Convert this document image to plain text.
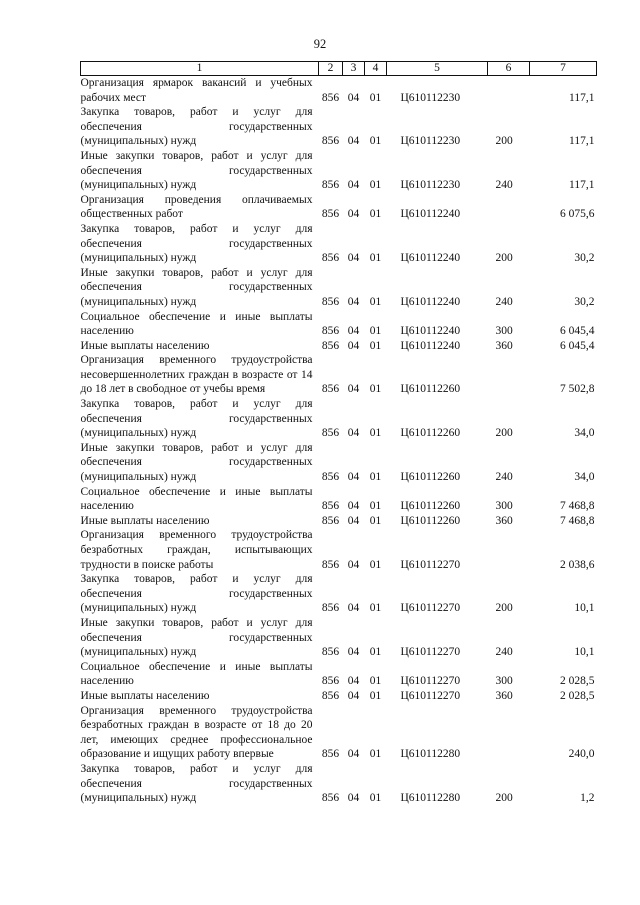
92
1	2	3	4	5	6	7
Организация ярмарок вакансий и учебных рабочих мест	856	04	01	Ц610112230		117,1
Закупка товаров, работ и услуг для обеспечения государственных (муниципальных) нужд	856	04	01	Ц610112230	200	117,1
Иные закупки товаров, работ и услуг для обеспечения государственных (муниципальных) нужд	856	04	01	Ц610112230	240	117,1
Организация проведения оплачиваемых общественных работ	856	04	01	Ц610112240		6 075,6
Закупка товаров, работ и услуг для обеспечения государственных (муниципальных) нужд	856	04	01	Ц610112240	200	30,2
Иные закупки товаров, работ и услуг для обеспечения государственных (муниципальных) нужд	856	04	01	Ц610112240	240	30,2
Социальное обеспечение и иные выплаты населению	856	04	01	Ц610112240	300	6 045,4
Иные выплаты населению	856	04	01	Ц610112240	360	6 045,4
Организация временного трудоустройства несовершеннолетних граждан в возрасте от 14 до 18 лет в свободное от учебы время	856	04	01	Ц610112260		7 502,8
Закупка товаров, работ и услуг для обеспечения государственных (муниципальных) нужд	856	04	01	Ц610112260	200	34,0
Иные закупки товаров, работ и услуг для обеспечения государственных (муниципальных) нужд	856	04	01	Ц610112260	240	34,0
Социальное обеспечение и иные выплаты населению	856	04	01	Ц610112260	300	7 468,8
Иные выплаты населению	856	04	01	Ц610112260	360	7 468,8
Организация временного трудоустройства безработных граждан, испытывающих трудности в поиске работы	856	04	01	Ц610112270		2 038,6
Закупка товаров, работ и услуг для обеспечения государственных (муниципальных) нужд	856	04	01	Ц610112270	200	10,1
Иные закупки товаров, работ и услуг для обеспечения государственных (муниципальных) нужд	856	04	01	Ц610112270	240	10,1
Социальное обеспечение и иные выплаты населению	856	04	01	Ц610112270	300	2 028,5
Иные выплаты населению	856	04	01	Ц610112270	360	2 028,5
Организация временного трудоустройства безработных граждан в возрасте от 18 до 20 лет, имеющих среднее профессиональное образование и ищущих работу впервые	856	04	01	Ц610112280		240,0
Закупка товаров, работ и услуг для обеспечения государственных (муниципальных) нужд	856	04	01	Ц610112280	200	1,2
